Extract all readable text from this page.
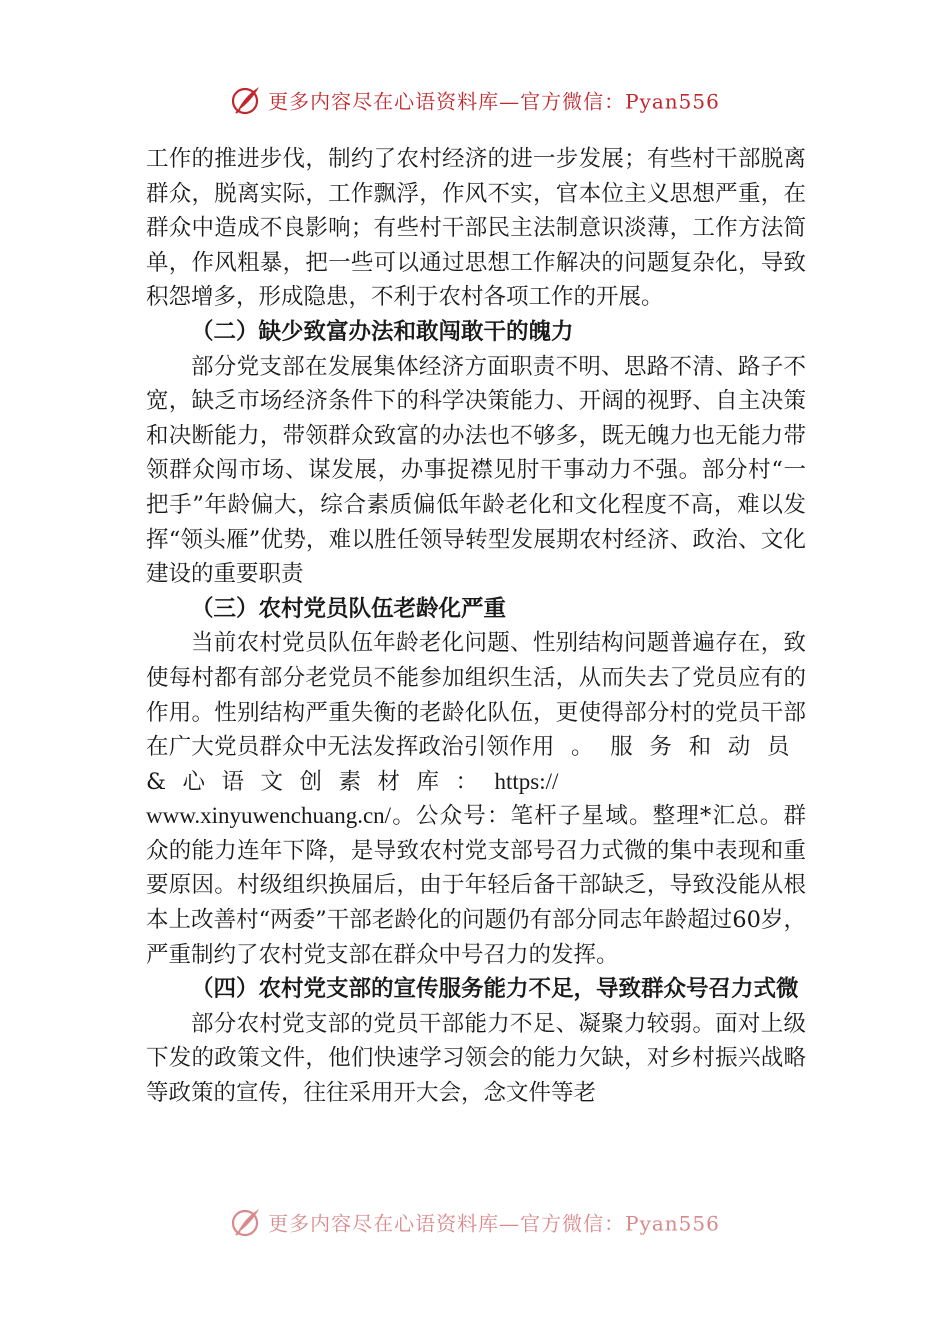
更多内容尽在心语资料库—官方微信：Pyan556

工作的推进步伐，制约了农村经济的进一步发展；有些村干部脱离群众，脱离实际，工作飘浮，作风不实，官本位主义思想严重，在群众中造成不良影响；有些村干部民主法制意识淡薄，工作方法简单，作风粗暴，把一些可以通过思想工作解决的问题复杂化，导致积怨增多，形成隐患，不利于农村各项工作的开展。

（二）缺少致富办法和敢闯敢干的魄力

部分党支部在发展集体经济方面职责不明、思路不清、路子不宽，缺乏市场经济条件下的科学决策能力、开阔的视野、自主决策和决断能力，带领群众致富的办法也不够多，既无魄力也无能力带领群众闯市场、谋发展，办事捉襟见肘干事动力不强。部分村“一把手”年龄偏大，综合素质偏低年龄老化和文化程度不高，难以发挥“领头雁”优势，难以胜任领导转型发展期农村经济、政治、文化建设的重要职责

（三）农村党员队伍老龄化严重

当前农村党员队伍年龄老化问题、性别结构问题普遍存在，致使每村都有部分老党员不能参加组织生活，从而失去了党员应有的作用。性别结构严重失衡的老龄化队伍，更使得部分村的党员干部在广大党员群众中无法发挥政治引领作用。服务和动员&心语文创素材库：https://
www.xinyuwenchuang.cn/。公众号：笔杆子星域。整理*汇总。群众的能力连年下降，是导致农村党支部号召力式微的集中表现和重要原因。村级组织换届后，由于年轻后备干部缺乏，导致没能从根本上改善村“两委”干部老龄化的问题仍有部分同志年龄超过60岁，严重制约了农村党支部在群众中号召力的发挥。

（四）农村党支部的宣传服务能力不足，导致群众号召力式微

部分农村党支部的党员干部能力不足、凝聚力较弱。面对上级下发的政策文件，他们快速学习领会的能力欠缺，对乡村振兴战略等政策的宣传，往往采用开大会，念文件等老

更多内容尽在心语资料库—官方微信：Pyan556
